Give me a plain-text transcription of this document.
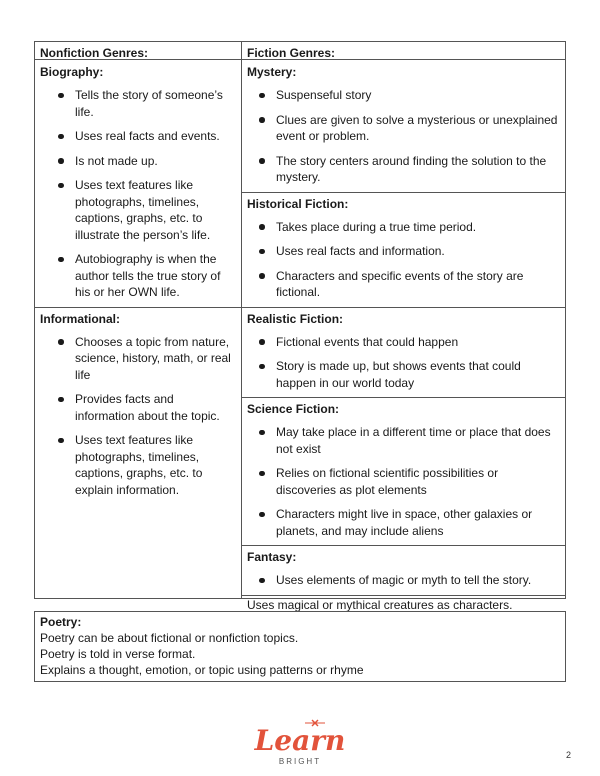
Nonfiction Genres:
Biography:
Tells the story of someone’s life.
Uses real facts and events.
Is not made up.
Uses text features like photographs, timelines, captions, graphs, etc. to illustrate the person’s life.
Autobiography is when the author tells the true story of his or her OWN life.
Informational:
Chooses a topic from nature, science, history, math, or real life
Provides facts and information about the topic.
Uses text features like photographs, timelines, captions, graphs, etc. to explain information.
Fiction Genres:
Mystery:
Suspenseful story
Clues are given to solve a mysterious or unexplained event or problem.
The story centers around finding the solution to the mystery.
Historical Fiction:
Takes place during a true time period.
Uses real facts and information.
Characters and specific events of the story are fictional.
Realistic Fiction:
Fictional events that could happen
Story is made up, but shows events that could happen in our world today
Science Fiction:
May take place in a different time or place that does not exist
Relies on fictional scientific possibilities or discoveries as plot elements
Characters might live in space, other galaxies or planets, and may include aliens
Fantasy:
Uses elements of magic or myth to tell the story.
Uses magical or mythical creatures as characters.
Poetry:
Poetry can be about fictional or nonfiction topics.
Poetry is told in verse format.
Explains a thought, emotion, or topic using patterns or rhyme
Learn
BRIGHT
2
